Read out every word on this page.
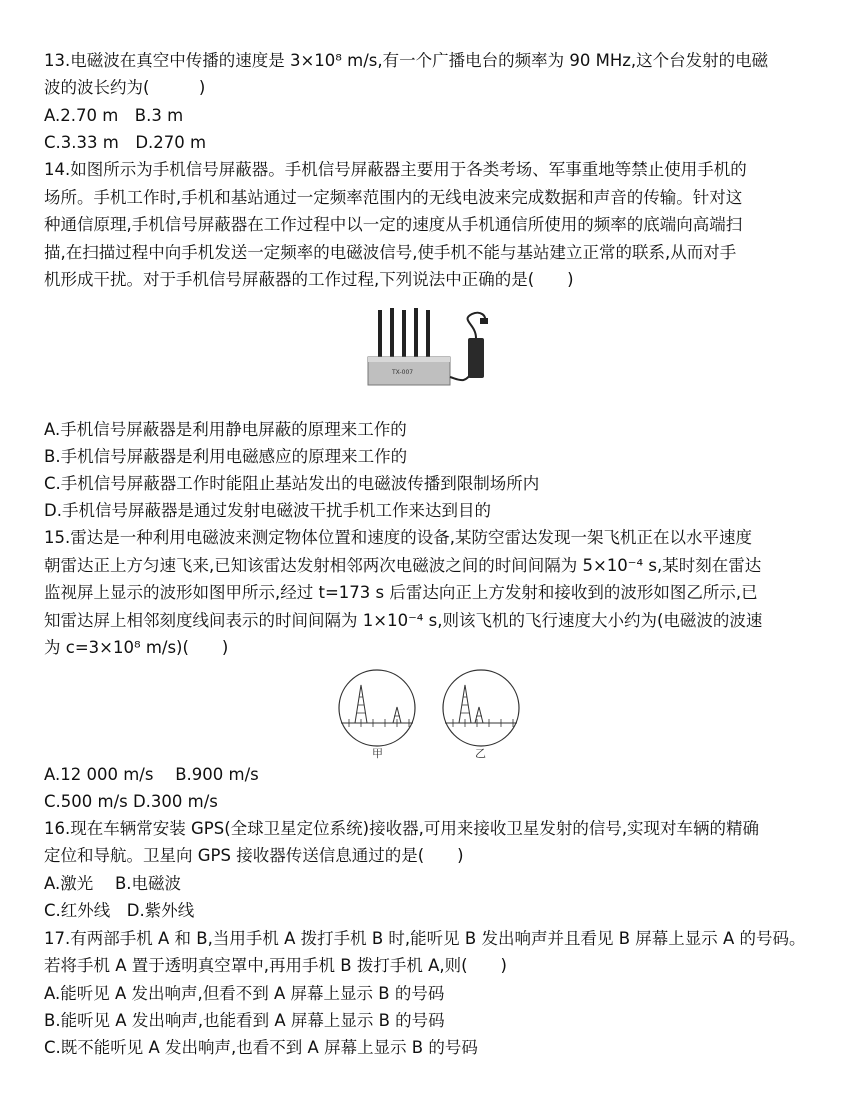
13.电磁波在真空中传播的速度是 3×10⁸ m/s,有一个广播电台的频率为 90 MHz,这个台发射的电磁
波的波长约为(　　　)
A.2.70 m　B.3 m
C.3.33 m　D.270 m
14.如图所示为手机信号屏蔽器。手机信号屏蔽器主要用于各类考场、军事重地等禁止使用手机的
场所。手机工作时,手机和基站通过一定频率范围内的无线电波来完成数据和声音的传输。针对这
种通信原理,手机信号屏蔽器在工作过程中以一定的速度从手机通信所使用的频率的底端向高端扫
描,在扫描过程中向手机发送一定频率的电磁波信号,使手机不能与基站建立正常的联系,从而对手
机形成干扰。对于手机信号屏蔽器的工作过程,下列说法中正确的是(　　)
TX-007
A.手机信号屏蔽器是利用静电屏蔽的原理来工作的
B.手机信号屏蔽器是利用电磁感应的原理来工作的
C.手机信号屏蔽器工作时能阻止基站发出的电磁波传播到限制场所内
D.手机信号屏蔽器是通过发射电磁波干扰手机工作来达到目的
15.雷达是一种利用电磁波来测定物体位置和速度的设备,某防空雷达发现一架飞机正在以水平速度
朝雷达正上方匀速飞来,已知该雷达发射相邻两次电磁波之间的时间间隔为 5×10⁻⁴ s,某时刻在雷达
监视屏上显示的波形如图甲所示,经过 t=173 s 后雷达向正上方发射和接收到的波形如图乙所示,已
知雷达屏上相邻刻度线间表示的时间间隔为 1×10⁻⁴ s,则该飞机的飞行速度大小约为(电磁波的波速
为 c=3×10⁸ m/s)(　　)
甲	乙
A.12 000 m/s　 B.900 m/s
C.500 m/s D.300 m/s
16.现在车辆常安装 GPS(全球卫星定位系统)接收器,可用来接收卫星发射的信号,实现对车辆的精确
定位和导航。卫星向 GPS 接收器传送信息通过的是(　　)
A.激光　 B.电磁波
C.红外线　D.紫外线
17.有两部手机 A 和 B,当用手机 A 拨打手机 B 时,能听见 B 发出响声并且看见 B 屏幕上显示 A 的号码。
若将手机 A 置于透明真空罩中,再用手机 B 拨打手机 A,则(　　)
A.能听见 A 发出响声,但看不到 A 屏幕上显示 B 的号码
B.能听见 A 发出响声,也能看到 A 屏幕上显示 B 的号码
C.既不能听见 A 发出响声,也看不到 A 屏幕上显示 B 的号码
